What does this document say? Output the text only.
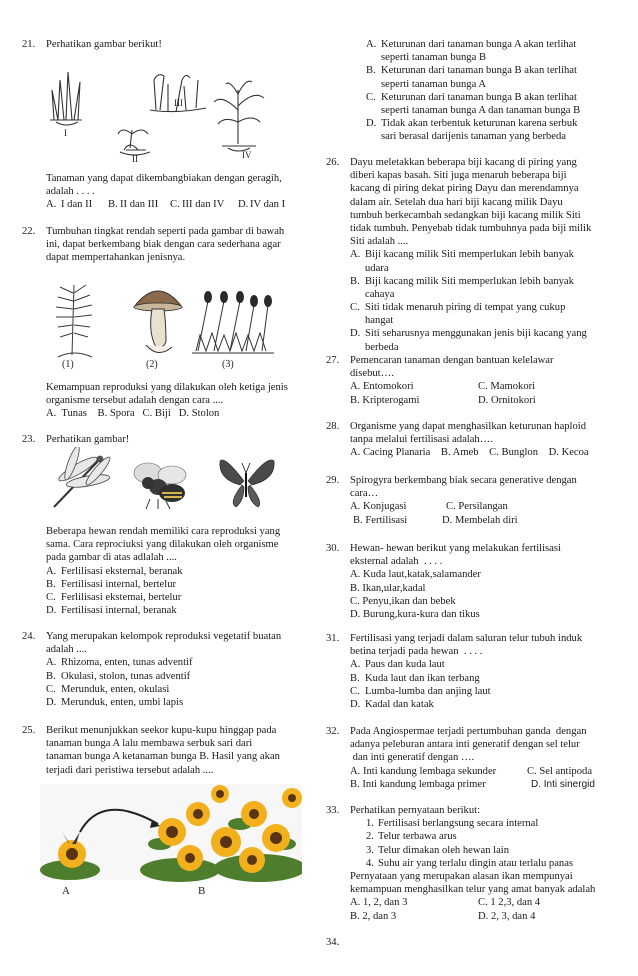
21. Perhatikan gambar berikut!
I
II
III
IV
Tanaman yang dapat dikembangbiakan dengan geragih,
adalah . . . .
A. I dan II B. II dan III C. III dan IV D. IV dan I
22. Tumbuhan tingkat rendah seperti pada gambar di bawah
ini, dapat berkembang biak dengan cara sederhana agar
dapat mempertahankan jenisnya.
(1)	(2)	(3)
Kemampuan reproduksi yang dilakukan oleh ketiga jenis
organisme tersebut adalah dengan cara ....
A.  Tunas    B. Spora   C. Biji   D. Stolon
23. Perhatikan gambar!
Beberapa hewan rendah memiliki cara reproduksi yang
sama. Cara reprociuksi yang dilakukan oleh organisme
pada gambar di atas adlalah ....
A. Ferlilisasi eksternal, beranak
B. Fertilisasi internal, bertelur
C. Ferlilisasi ekstemai, bertelur
D. Fertilisasi internal, beranak
24. Yang merupakan kelompok reproduksi vegetatif buatan
adalah ....
A. Rhizoma, enten, tunas adventif
B. Okulasi, stolon, tunas adventif
C. Merunduk, enten, okulasi
D. Merunduk, enten, umbi lapis
25. Berikut menunjukkan seekor kupu-kupu hinggap pada
tanaman bunga A lalu membawa serbuk sari dari
tanaman bunga A ketanaman bunga B. Hasil yang akan
terjadi dari peristiwa tersebut adalah ....
A	B
A. Keturunan dari tanaman bunga A akan terlihat
seperti tanaman bunga B
B. Keturunan dari tanaman bunga B akan terlihat
seperti tanaman bunga A
C. Keturunan dari tanaman bunga B akan terlihat
seperti tanaman bunga A dan tanaman bunga B
D. Tidak akan terbentuk keturunan karena serbuk
sari berasal darijenis tanaman yang berbeda
26. Dayu meletakkan beberapa biji kacang di piring yang
diberi kapas basah. Siti juga menaruh beberapa biji
kacang di piring dekat piring Dayu dan merendamnya
dalam air. Setelah dua hari biji kacang milik Dayu
tumbuh berkecambah sedangkan biji kacang milik Siti
tidak tumbuh. Penyebab tidak tumbuhnya pada biji milik
Siti adalah ....
A. Biji kacang milik Siti memperlukan lebih banyak
udara
B. Biji kacang milik Siti memperlukan lebih banyak
cahaya
C. Siti tidak menaruh piring di tempat yang cukup
hangat
D. Siti seharusnya menggunakan jenis biji kacang yang
berbeda
27. Pemencaran tanaman dengan bantuan kelelawar
disebut….
A. Entomokori	C. Mamokori
B. Kripterogami	D. Ornitokori
28. Organisme yang dapat menghasilkan keturunan haploid
tanpa melalui fertilisasi adalah….
A. Cacing Planaria    B. Ameb    C. Bunglon    D. Kecoa
29. Spirogyra berkembang biak secara generative dengan
cara…
A. Konjugasi	C. Persilangan
B. Fertilisasi	D. Membelah diri
30. Hewan- hewan berikut yang melakukan fertilisasi
eksternal adalah  . . . .
A. Kuda laut,katak,salamander
B. Ikan,ular,kadal
C. Penyu,ikan dan bebek
D. Burung,kura-kura dan tikus
31. Fertilisasi yang terjadi dalam saluran telur tubuh induk
betina terjadi pada hewan  . . . .
A. Paus dan kuda laut
B. Kuda laut dan ikan terbang
C. Lumba-lumba dan anjing laut
D. Kadal dan katak
32. Pada Angiospermae terjadi pertumbuhan ganda  dengan
adanya peleburan antara inti generatif dengan sel telur
dan inti generatif dengan ….
A. Inti kandung lembaga sekunder	C. Sel antipoda
B. Inti kandung lembaga primer	D. Inti sinergid
33. Perhatikan pernyataan berikut:
1. Fertilisasi berlangsung secara internal
2. Telur terbawa arus
3. Telur dimakan oleh hewan lain
4. Suhu air yang terlalu dingin atau terlalu panas
Pernyataan yang merupakan alasan ikan mempunyai
kemampuan menghasilkan telur yang amat banyak adalah
A. 1, 2, dan 3	C. 1 2,3, dan 4
B. 2, dan 3	D. 2, 3, dan 4
34.
